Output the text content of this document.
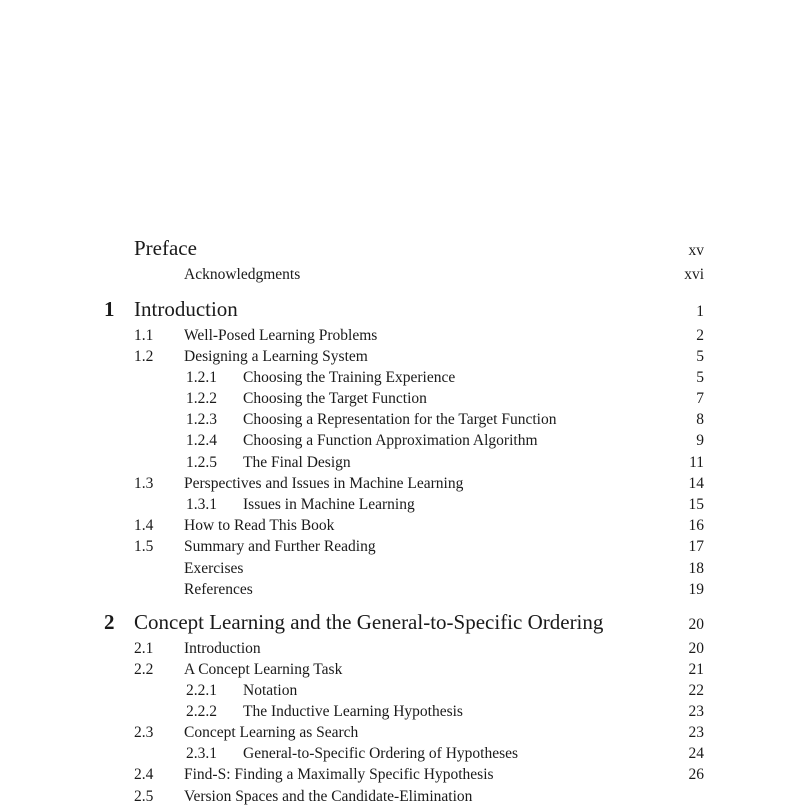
Preface	xv
Acknowledgments	xvi
1 Introduction	1
1.1 Well-Posed Learning Problems	2
1.2 Designing a Learning System	5
1.2.1 Choosing the Training Experience	5
1.2.2 Choosing the Target Function	7
1.2.3 Choosing a Representation for the Target Function	8
1.2.4 Choosing a Function Approximation Algorithm	9
1.2.5 The Final Design	11
1.3 Perspectives and Issues in Machine Learning	14
1.3.1 Issues in Machine Learning	15
1.4 How to Read This Book	16
1.5 Summary and Further Reading	17
Exercises	18
References	19
2 Concept Learning and the General-to-Specific Ordering	20
2.1 Introduction	20
2.2 A Concept Learning Task	21
2.2.1 Notation	22
2.2.2 The Inductive Learning Hypothesis	23
2.3 Concept Learning as Search	23
2.3.1 General-to-Specific Ordering of Hypotheses	24
2.4 Find-S: Finding a Maximally Specific Hypothesis	26
2.5 Version Spaces and the Candidate-Elimination
